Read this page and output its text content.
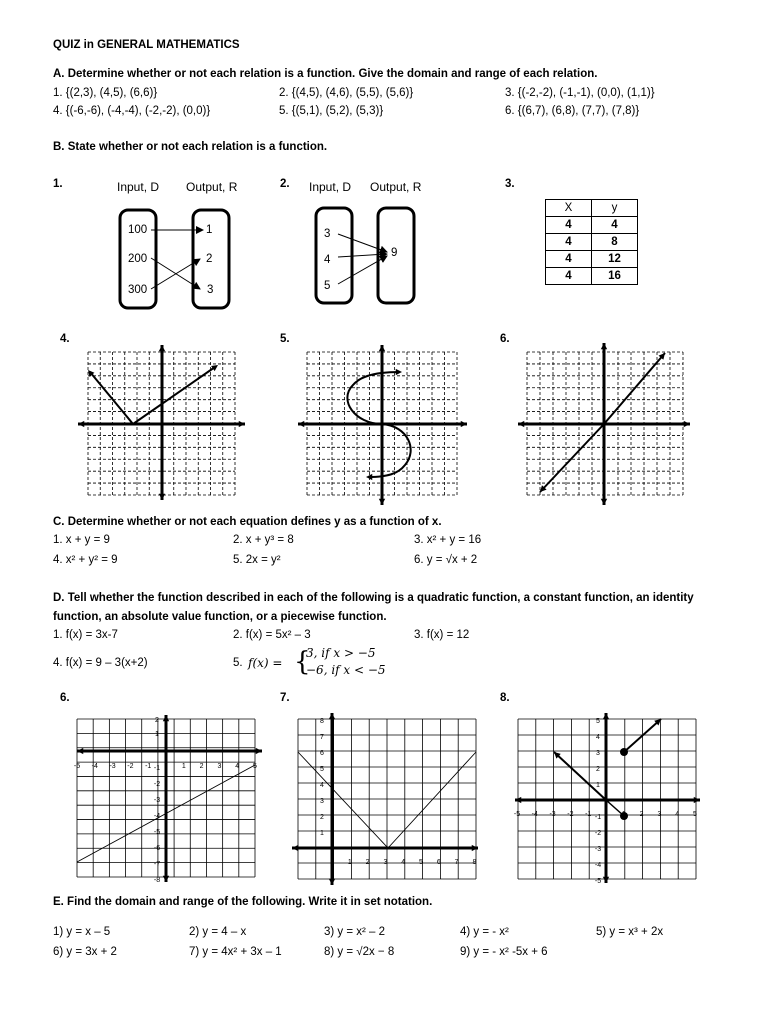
QUIZ in GENERAL MATHEMATICS
A. Determine whether or not each relation is a function. Give the domain and range of each relation.
1. {(2,3), (4,5), (6,6)}	2. {(4,5), (4,6), (5,5), (5,6)}	3. {(-2,-2), (-1,-1), (0,0), (1,1)}
4. {(-6,-6), (-4,-4), (-2,-2), (0,0)}	5. {(5,1), (5,2), (5,3)}	6. {(6,7), (6,8), (7,7), (7,8)}
B. State whether or not each relation is a function.
1.	2.	3.
Input, D Output, R
100
200
300
1
2
3
Input, D Output, R
3
4
5
9
X	y
4	4
4	8
4	12
4	16
4.	5.	6.
C. Determine whether or not each equation defines y as a function of x.
1. x + y = 9	2. x + y³ = 8	3. x² + y = 16
4. x² + y² = 9	5. 2x = y²	6. y = √x + 2
D. Tell whether the function described in each of the following is a quadratic function, a constant function, an identity
function, an absolute value function, or a piecewise function.
1. f(x) = 3x-7	2. f(x) = 5x² – 3	3. f(x) = 12
4. f(x) = 9 – 3(x+2)	5. f(x) = {
3, if x > −5
−6, if x < −5
6.	7.	8.
-5 -4 -3 -2 -1	1 2 3 4 5
2
1
-1
-2
-3
-4
-5
-6
-7
-8
1 2 3 4 5 6 7 8
1
2
3
4
5
6
7
8
-5 -4 -3 -2 -1	2 3 4 5
1
2
3
4
5
-1
-2
-3
-4
-5
E. Find the domain and range of the following. Write it in set notation.
1) y = x – 5	2) y = 4 – x	3) y = x² – 2	4) y = - x²	5) y = x³ + 2x
6) y = 3x + 2	7) y = 4x² + 3x – 1	8) y = √2x − 8	9) y = - x² -5x + 6
